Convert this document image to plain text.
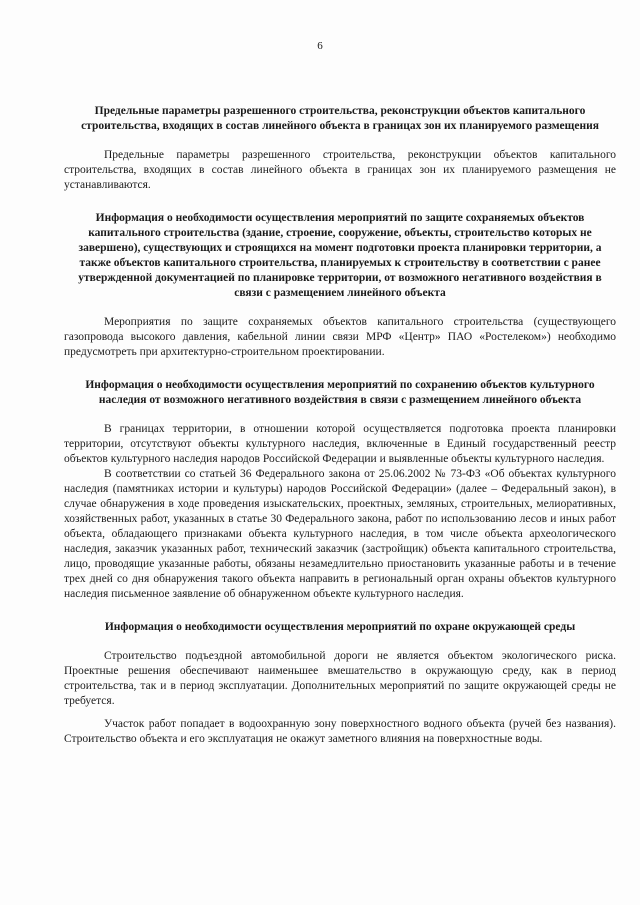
6

Предельные параметры разрешенного строительства, реконструкции объектов капитального строительства, входящих в состав линейного объекта в границах зон их планируемого размещения

Предельные параметры разрешенного строительства, реконструкции объектов капитального строительства, входящих в состав линейного объекта в границах зон их планируемого размещения не устанавливаются.

Информация о необходимости осуществления мероприятий по защите сохраняемых объектов капитального строительства (здание, строение, сооружение, объекты, строительство которых не завершено), существующих и строящихся на момент подготовки проекта планировки территории, а также объектов капитального строительства, планируемых к строительству в соответствии с ранее утвержденной документацией по планировке территории, от возможного негативного воздействия в связи с размещением линейного объекта

Мероприятия по защите сохраняемых объектов капитального строительства (существующего газопровода высокого давления, кабельной линии связи МРФ «Центр» ПАО «Ростелеком») необходимо предусмотреть при архитектурно-строительном проектировании.

Информация о необходимости осуществления мероприятий по сохранению объектов культурного наследия от возможного негативного воздействия в связи с размещением линейного объекта

В границах территории, в отношении которой осуществляется подготовка проекта планировки территории, отсутствуют объекты культурного наследия, включенные в Единый государственный реестр объектов культурного наследия народов Российской Федерации и выявленные объекты культурного наследия.

В соответствии со статьей 36 Федерального закона от 25.06.2002 № 73-ФЗ «Об объектах культурного наследия (памятниках истории и культуры) народов Российской Федерации» (далее – Федеральный закон), в случае обнаружения в ходе проведения изыскательских, проектных, земляных, строительных, мелиоративных, хозяйственных работ, указанных в статье 30 Федерального закона, работ по использованию лесов и иных работ объекта, обладающего признаками объекта культурного наследия, в том числе объекта археологического наследия, заказчик указанных работ, технический заказчик (застройщик) объекта капитального строительства, лицо, проводящие указанные работы, обязаны незамедлительно приостановить указанные работы и в течение трех дней со дня обнаружения такого объекта направить в региональный орган охраны объектов культурного наследия письменное заявление об обнаруженном объекте культурного наследия.

Информация о необходимости осуществления мероприятий по охране окружающей среды

Строительство подъездной автомобильной дороги не является объектом экологического риска. Проектные решения обеспечивают наименьшее вмешательство в окружающую среду, как в период строительства, так и в период эксплуатации. Дополнительных мероприятий по защите окружающей среды не требуется.

Участок работ попадает в водоохранную зону поверхностного водного объекта (ручей без названия). Строительство объекта и его эксплуатация не окажут заметного влияния на поверхностные воды.
